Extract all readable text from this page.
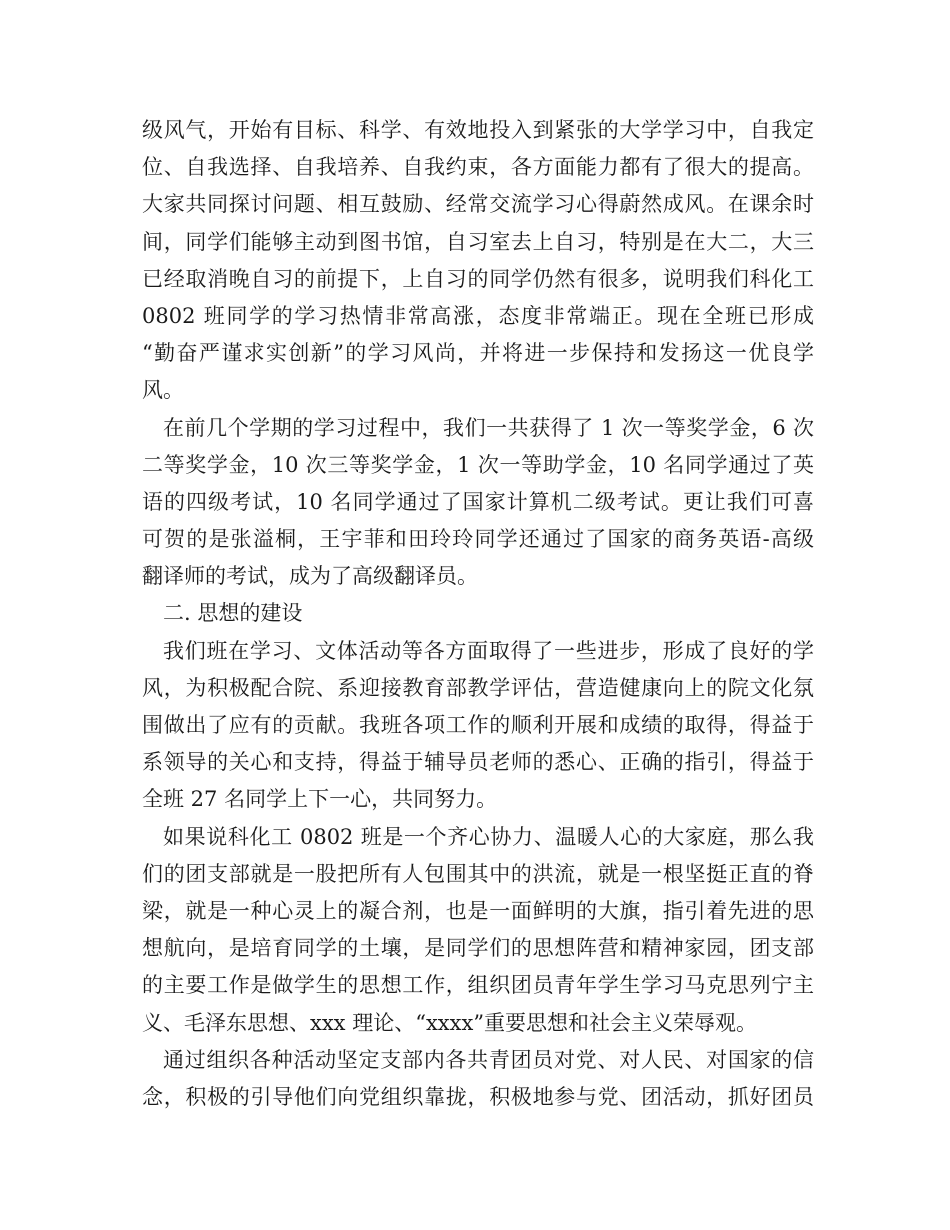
级风气，开始有目标、科学、有效地投入到紧张的大学学习中，自我定
位、自我选择、自我培养、自我约束，各方面能力都有了很大的提高。
大家共同探讨问题、相互鼓励、经常交流学习心得蔚然成风。在课余时
间，同学们能够主动到图书馆，自习室去上自习，特别是在大二，大三
已经取消晚自习的前提下，上自习的同学仍然有很多，说明我们科化工
0802 班同学的学习热情非常高涨，态度非常端正。现在全班已形成
“勤奋严谨求实创新”的学习风尚，并将进一步保持和发扬这一优良学
风。
在前几个学期的学习过程中，我们一共获得了 1 次一等奖学金，6 次
二等奖学金，10 次三等奖学金，1 次一等助学金，10 名同学通过了英
语的四级考试，10 名同学通过了国家计算机二级考试。更让我们可喜
可贺的是张溢桐，王宇菲和田玲玲同学还通过了国家的商务英语-高级
翻译师的考试，成为了高级翻译员。
二. 思想的建设
我们班在学习、文体活动等各方面取得了一些进步，形成了良好的学
风，为积极配合院、系迎接教育部教学评估，营造健康向上的院文化氛
围做出了应有的贡献。我班各项工作的顺利开展和成绩的取得，得益于
系领导的关心和支持，得益于辅导员老师的悉心、正确的指引，得益于
全班 27 名同学上下一心，共同努力。
如果说科化工 0802 班是一个齐心协力、温暖人心的大家庭，那么我
们的团支部就是一股把所有人包围其中的洪流，就是一根坚挺正直的脊
梁，就是一种心灵上的凝合剂，也是一面鲜明的大旗，指引着先进的思
想航向，是培育同学的土壤，是同学们的思想阵营和精神家园，团支部
的主要工作是做学生的思想工作，组织团员青年学生学习马克思列宁主
义、毛泽东思想、xxx 理论、“xxxx”重要思想和社会主义荣辱观。
通过组织各种活动坚定支部内各共青团员对党、对人民、对国家的信
念，积极的引导他们向党组织靠拢，积极地参与党、团活动，抓好团员
